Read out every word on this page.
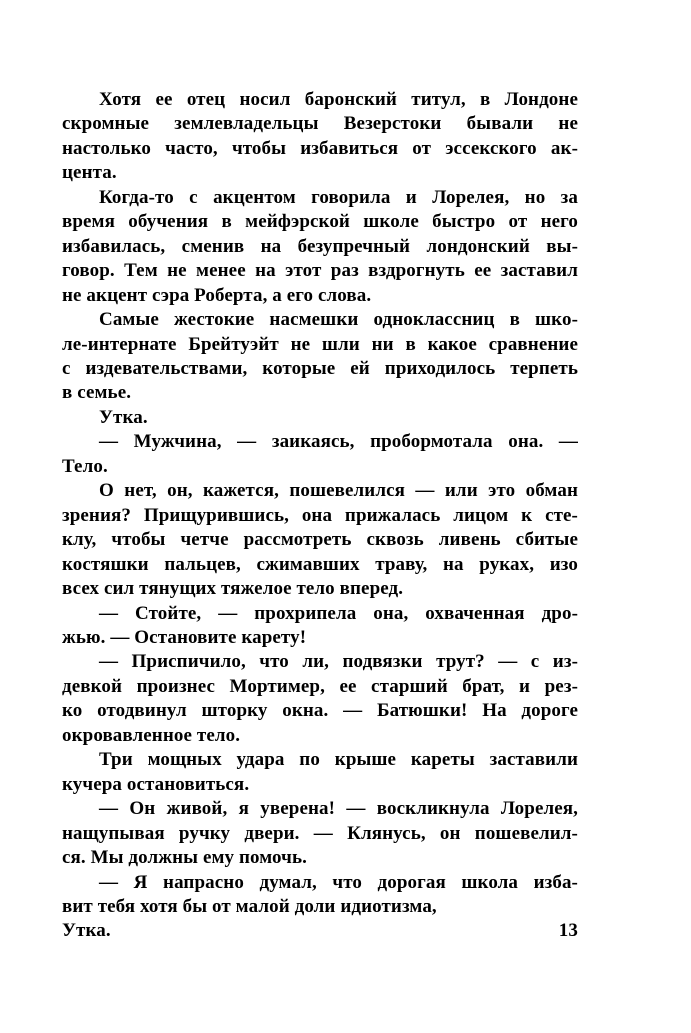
Хотя ее отец носил баронский титул, в Лондоне
скромные землевладельцы Везерстоки бывали не
настолько часто, чтобы избавиться от эссекского ак-
цента.
Когда-то с акцентом говорила и Лорелея, но за
время обучения в мейфэрской школе быстро от него
избавилась, сменив на безупречный лондонский вы-
говор. Тем не менее на этот раз вздрогнуть ее заставил
не акцент сэра Роберта, а его слова.
Самые жестокие насмешки одноклассниц в шко-
ле-интернате Брейтуэйт не шли ни в какое сравнение
с издевательствами, которые ей приходилось терпеть
в семье.
Утка.
— Мужчина, — заикаясь, пробормотала она. —
Тело.
О нет, он, кажется, пошевелился — или это обман
зрения? Прищурившись, она прижалась лицом к сте-
клу, чтобы четче рассмотреть сквозь ливень сбитые
костяшки пальцев, сжимавших траву, на руках, изо
всех сил тянущих тяжелое тело вперед.
— Стойте, — прохрипела она, охваченная дро-
жью. — Остановите карету!
— Приспичило, что ли, подвязки трут? — с из-
девкой произнес Мортимер, ее старший брат, и рез-
ко отодвинул шторку окна. — Батюшки! На дороге
окровавленное тело.
Три мощных удара по крыше кареты заставили
кучера остановиться.
— Он живой, я уверена! — воскликнула Лорелея,
нащупывая ручку двери. — Клянусь, он пошевелил-
ся. Мы должны ему помочь.
— Я напрасно думал, что дорогая школа изба-
вит тебя хотя бы от малой доли идиотизма,
Утка.	13
